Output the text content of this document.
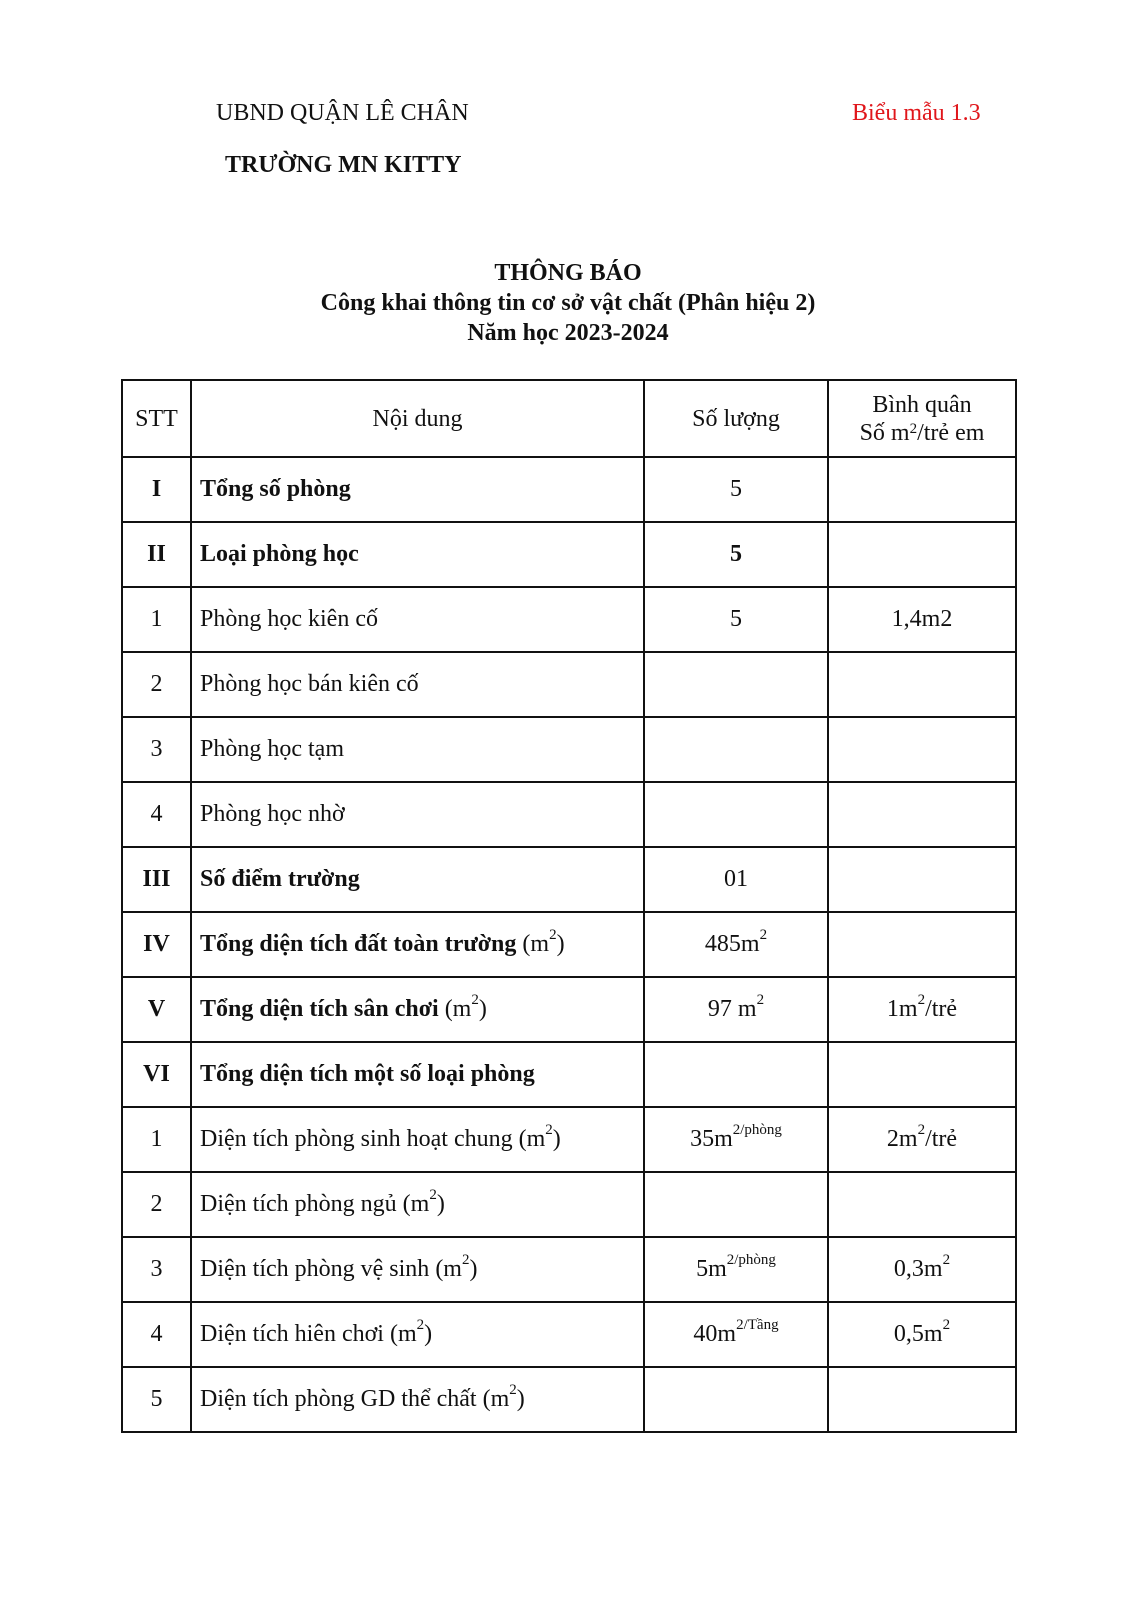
UBND QUẬN LÊ CHÂN
TRƯỜNG MN KITTY
Biểu mẫu 1.3
THÔNG BÁO
Công khai thông tin cơ sở vật chất (Phân hiệu 2)
Năm học 2023-2024
STT	Nội dung	Số lượng	Bình quân
Số $m^2$/trẻ em
I	Tổng số phòng	5	
II	Loại phòng học	5	
1	Phòng học kiên cố	5	1,4m2
2	Phòng học bán kiên cố		
3	Phòng học tạm		
4	Phòng học nhờ		
III	Số điểm trường	01	
IV	Tổng diện tích đất toàn trường $(m^2)$	$485m^2$	
V	Tổng diện tích sân chơi $(m^2)$	97 $m^2$	$1m^2$/trẻ
VI	Tổng diện tích một số loại phòng		
1	Diện tích phòng sinh hoạt chung $(m^2)$	$35m^{2/phòng}$	$2m^2$/trẻ
2	Diện tích phòng ngủ $(m^2)$		
3	Diện tích phòng vệ $\sinh (m^2)$	$5m^{2/phòng}$	$0,3m^2$
4	Diện tích hiên chơi $(m^2)$	$40m^{2/Tầng}$	$0,5m^2$
5	Diện tích phòng GD thể chất $(m^2)$		
